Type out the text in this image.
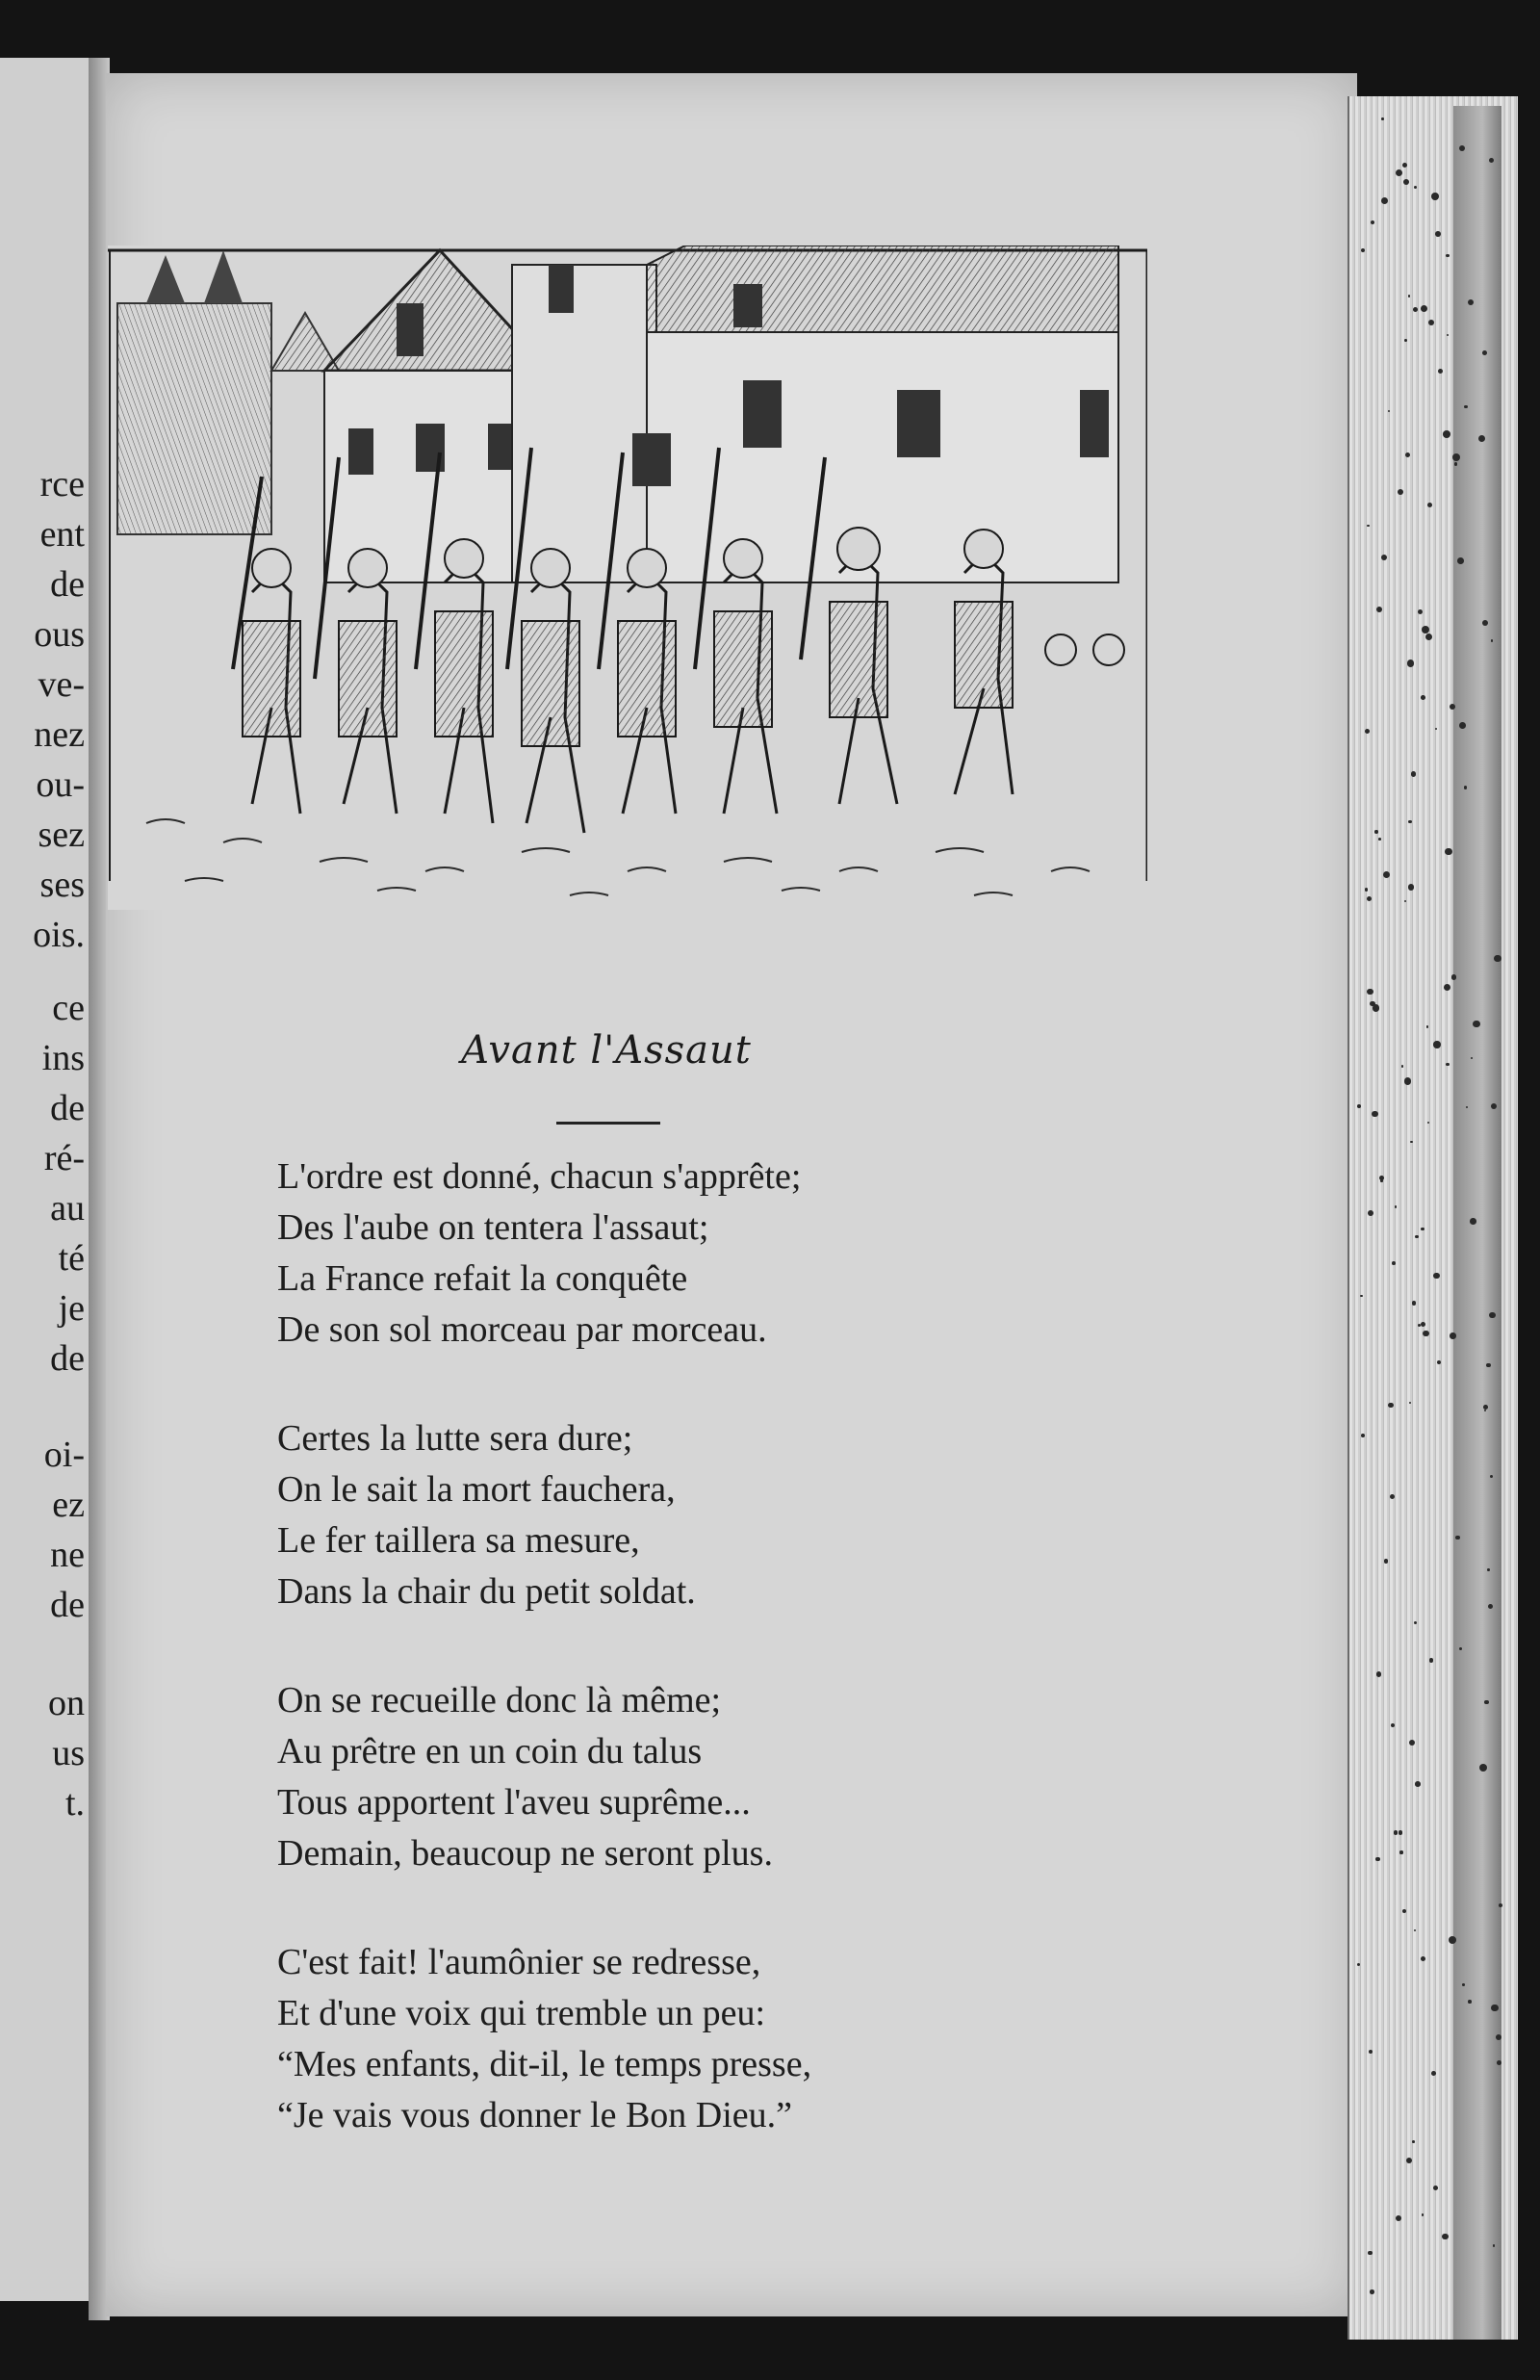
rce
ent
de
ous
ve-
nez
ou-
sez
ses
ois.
ce
ins
de
ré-
au
té
je
de
oi-
ez
ne
de
on
us
t.
Avant l'Assaut

L'ordre est donné, chacun s'apprête;

Des l'aube on tentera l'assaut;

La France refait la conquête

De son sol morceau par morceau.

Certes la lutte sera dure;

On le sait la mort fauchera,

Le fer taillera sa mesure,

Dans la chair du petit soldat.

On se recueille donc là même;

Au prêtre en un coin du talus

Tous apportent l'aveu suprême...

Demain, beaucoup ne seront plus.

C'est fait! l'aumônier se redresse,

Et d'une voix qui tremble un peu:

“Mes enfants, dit-il, le temps presse,

“Je vais vous donner le Bon Dieu.”
